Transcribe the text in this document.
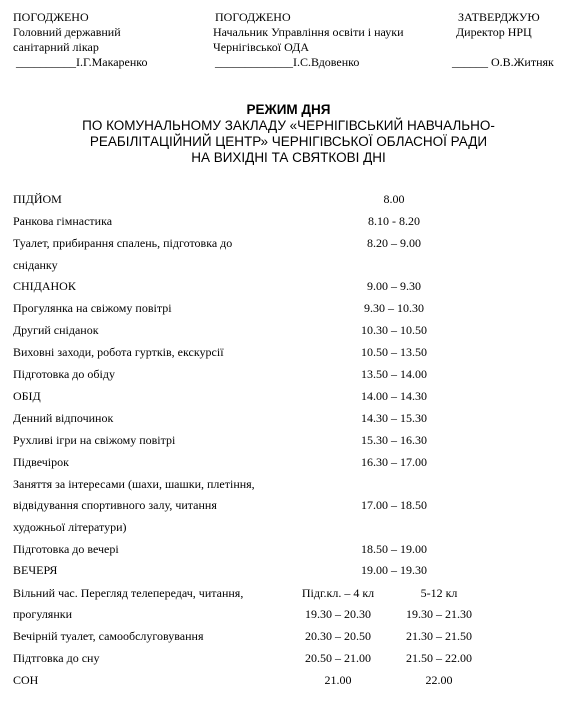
ПОГОДЖЕНО
Головний державний
санітарний лікар
__________І.Г.Макаренко
ПОГОДЖЕНО
Начальник Управління освіти і науки
Чернігівської ОДА
_____________І.С.Вдовенко
ЗАТВЕРДЖУЮ
Директор НРЦ
______ О.В.Житняк
РЕЖИМ ДНЯ
ПО КОМУНАЛЬНОМУ ЗАКЛАДУ «ЧЕРНІГІВСЬКИЙ НАВЧАЛЬНО-
РЕАБІЛІТАЦІЙНИЙ ЦЕНТР» ЧЕРНІГІВСЬКОЇ ОБЛАСНОЇ РАДИ
НА ВИХІДНІ ТА СВЯТКОВІ ДНІ
ПІДЙОМ	8.00
Ранкова гімнастика	8.10 - 8.20
Туалет, прибирання спалень, підготовка до
сніданку
8.20 – 9.00
СНІДАНОК	9.00 – 9.30
Прогулянка на свіжому повітрі	9.30 – 10.30
Другий сніданок	10.30 – 10.50
Виховні заходи, робота гуртків, екскурсії	10.50 – 13.50
Підготовка до обіду	13.50 – 14.00
ОБІД	14.00 – 14.30
Денний відпочинок	14.30 – 15.30
Рухливі ігри на свіжому повітрі	15.30 – 16.30
Підвечірок	16.30 – 17.00
Заняття за інтересами (шахи, шашки, плетіння,
відвідування спортивного залу, читання
художньої літератури)
17.00 – 18.50
Підготовка до вечері	18.50 – 19.00
ВЕЧЕРЯ	19.00 – 19.30
Вільний час. Перегляд телепередач, читання,
прогулянки
Підг.кл. – 4 кл	5-12 кл
19.30 – 20.30	19.30 – 21.30
Вечірній туалет, самообслуговування	20.30 – 20.50	21.30 – 21.50
Підтговка до сну	20.50 – 21.00	21.50 – 22.00
СОН	21.00	22.00
